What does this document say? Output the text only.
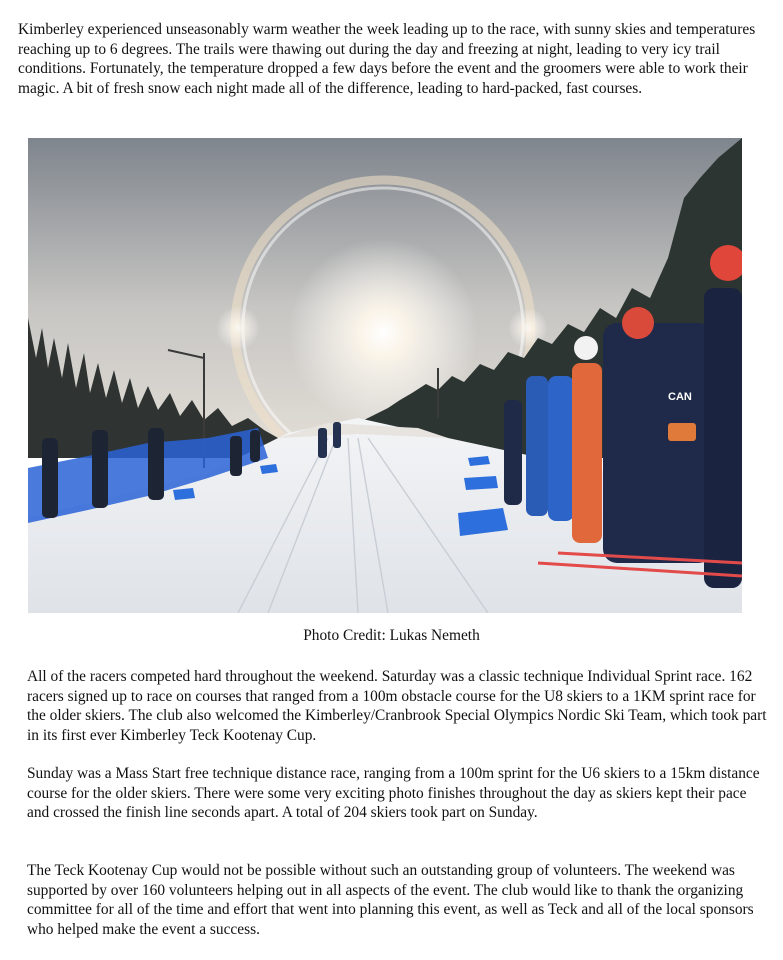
Kimberley experienced unseasonably warm weather the week leading up to the race, with sunny skies and temperatures reaching up to 6 degrees. The trails were thawing out during the day and freezing at night, leading to very icy trail conditions. Fortunately, the temperature dropped a few days before the event and the groomers were able to work their magic. A bit of fresh snow each night made all of the difference, leading to hard-packed, fast courses.

CAN
Photo Credit: Lukas Nemeth

All of the racers competed hard throughout the weekend. Saturday was a classic technique Individual Sprint race. 162 racers signed up to race on courses that ranged from a 100m obstacle course for the U8 skiers to a 1KM sprint race for the older skiers. The club also welcomed the Kimberley/Cranbrook Special Olympics Nordic Ski Team, which took part in its first ever Kimberley Teck Kootenay Cup.

Sunday was a Mass Start free technique distance race, ranging from a 100m sprint for the U6 skiers to a 15km distance course for the older skiers. There were some very exciting photo finishes throughout the day as skiers kept their pace and crossed the finish line seconds apart. A total of 204 skiers took part on Sunday.

The Teck Kootenay Cup would not be possible without such an outstanding group of volunteers. The weekend was supported by over 160 volunteers helping out in all aspects of the event. The club would like to thank the organizing committee for all of the time and effort that went into planning this event, as well as Teck and all of the local sponsors who helped make the event a success.
